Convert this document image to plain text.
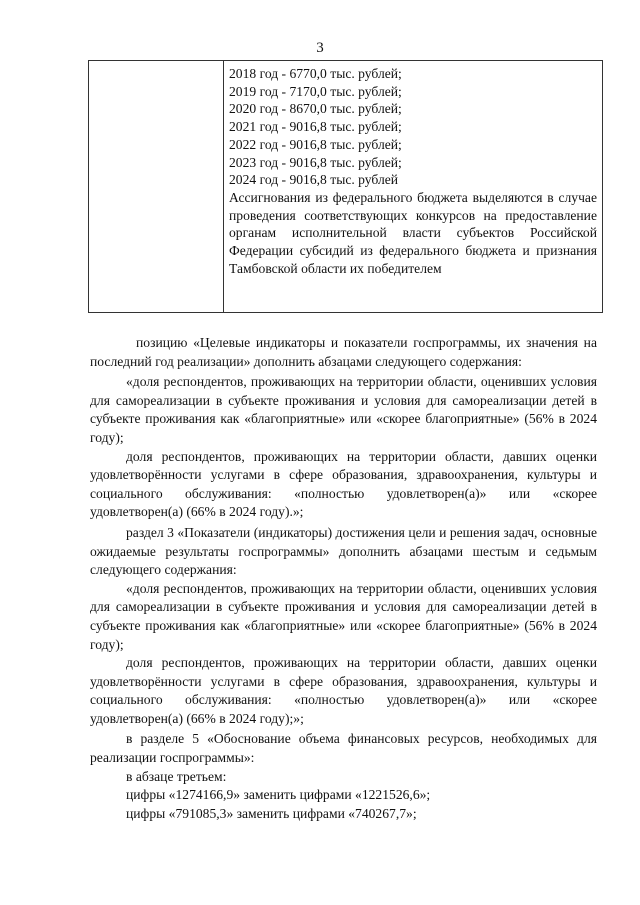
3
2018 год - 6770,0 тыс. рублей;
2019 год - 7170,0 тыс. рублей;
2020 год - 8670,0 тыс. рублей;
2021 год - 9016,8 тыс. рублей;
2022 год - 9016,8 тыс. рублей;
2023 год - 9016,8 тыс. рублей;
2024 год - 9016,8 тыс. рублей
Ассигнования из федерального бюджета выделяются в случае проведения соответствующих конкурсов на предоставление органам исполнительной власти субъектов Российской Федерации субсидий из федерального бюджета и признания Тамбовской области их победителем

позицию «Целевые индикаторы и показатели госпрограммы, их значения на последний год реализации» дополнить абзацами следующего содержания:

«доля респондентов, проживающих на территории области, оценивших условия для самореализации в субъекте проживания и условия для самореализации детей в субъекте проживания как «благоприятные» или «скорее благоприятные» (56% в 2024 году);

доля респондентов, проживающих на территории области, давших оценки удовлетворённости услугами в сфере образования, здравоохранения, культуры и социального обслуживания: «полностью удовлетворен(а)» или «скорее удовлетворен(а) (66% в 2024 году).»;

раздел 3 «Показатели (индикаторы) достижения цели и решения задач, основные ожидаемые результаты госпрограммы» дополнить абзацами шестым и седьмым следующего содержания:

«доля респондентов, проживающих на территории области, оценивших условия для самореализации в субъекте проживания и условия для самореализации детей в субъекте проживания как «благоприятные» или «скорее благоприятные» (56% в 2024 году);

доля респондентов, проживающих на территории области, давших оценки удовлетворённости услугами в сфере образования, здравоохранения, культуры и социального обслуживания: «полностью удовлетворен(а)» или «скорее удовлетворен(а) (66% в 2024 году);»;

в разделе 5 «Обоснование объема финансовых ресурсов, необходимых для реализации госпрограммы»:

в абзаце третьем:

цифры «1274166,9» заменить цифрами «1221526,6»;

цифры «791085,3» заменить цифрами «740267,7»;
